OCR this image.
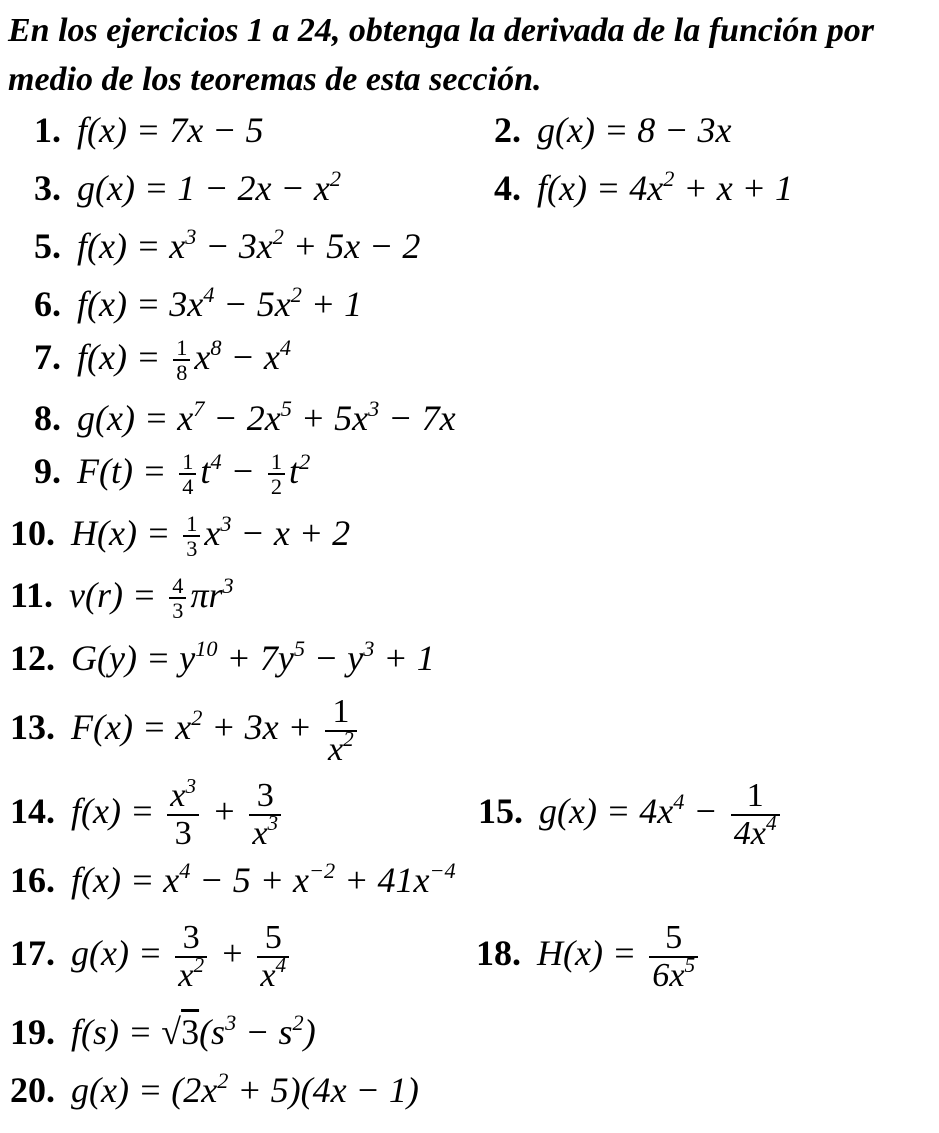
En los ejercicios 1 a 24, obtenga la derivada de la función por medio de los teoremas de esta sección.
1. f(x) = 7x − 5	2. g(x) = 8 − 3x
3. $g(x) = 1 - 2x - x^2$	4. $f(x) = 4x^2 + x + 1$
5. $f(x) = x^3 - 3x^2 + 5x - 2$
6. $f(x) = 3x^4 - 5x^2 + 1$
7. $f(x) = \frac{1}{8} x^8 - x^4$
8. $g(x) = x^7 - 2x^5 + 5x^3 - 7x$
9. $F(t) = \frac{1}{4} t^4 - \frac{1}{2} t^2$
10. $H(x) = \frac{1}{3} x^3 - x + 2$
11. $v(r) = \frac{4}{3} \pi r^3$
12. $G(y) = y^{10} + 7y^5 - y^3 + 1$
13. $F(x) = x^2 + 3x + \frac{1}{x^2}$
14. $f(x) = \frac{x^3}{3} + \frac{3}{x^3}$	15. $g(x) = 4x^4 - \frac{1}{4x^4}$
16. $f(x) = x^4 - 5 + x^{-2} + 41x^{-4}$
17. $g(x) = \frac{3}{x^2} + \frac{5}{x^4}$	18. $H(x) = \frac{5}{6x^5}$
19. $f(s) = √3(s^3 - s^2)$
20. $g(x) = (2x^2 + 5)(4x - 1)$
